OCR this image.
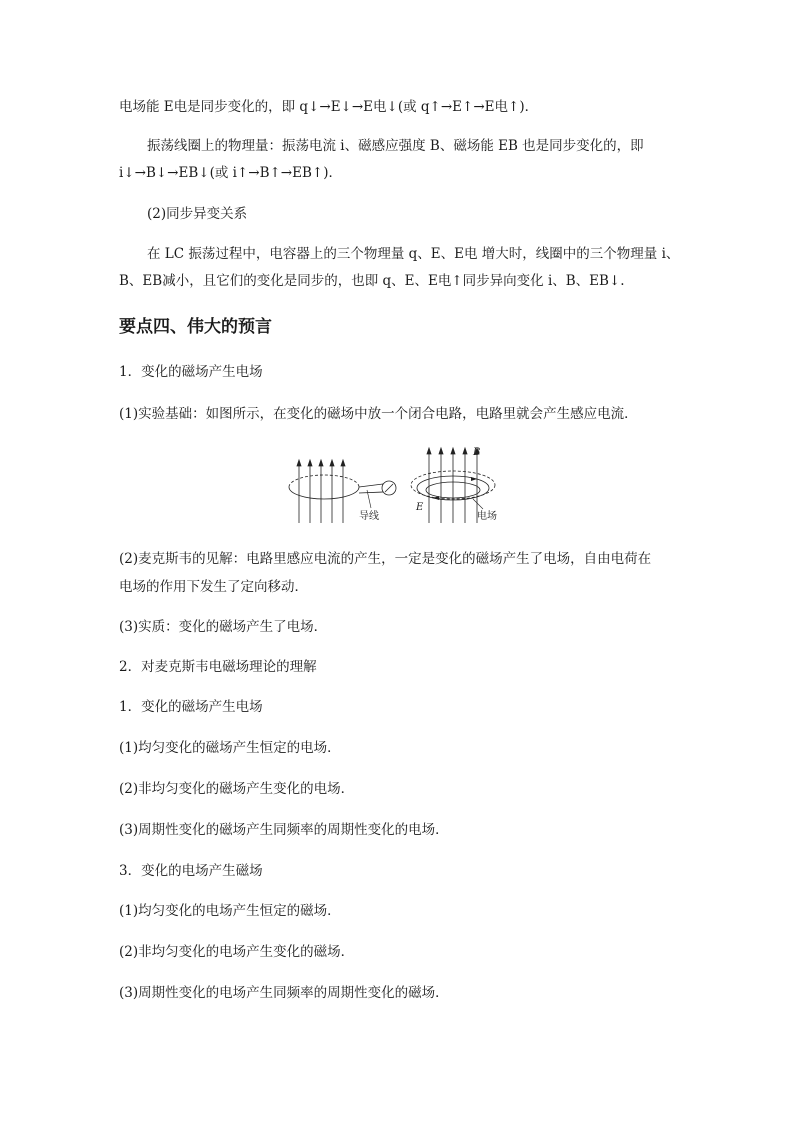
电场能 E电是同步变化的，即 q↓→E↓→E电↓(或 q↑→E↑→E电↑)．
振荡线圈上的物理量：振荡电流 i、磁感应强度 B、磁场能 EB 也是同步变化的，即
i↓→B↓→EB↓(或 i↑→B↑→EB↑)．
(2)同步异变关系
在 LC 振荡过程中，电容器上的三个物理量 q、E、E电 增大时，线圈中的三个物理量 i、
B、EB减小，且它们的变化是同步的，也即 q、E、E电↑同步异向变化 i、B、EB↓.
要点四、伟大的预言
1．变化的磁场产生电场
(1)实验基础：如图所示，在变化的磁场中放一个闭合电路，电路里就会产生感应电流．
导线
B
E
电场
(2)麦克斯韦的见解：电路里感应电流的产生，一定是变化的磁场产生了电场，自由电荷在
电场的作用下发生了定向移动．
(3)实质：变化的磁场产生了电场．
2．对麦克斯韦电磁场理论的理解
1．变化的磁场产生电场
(1)均匀变化的磁场产生恒定的电场．
(2)非均匀变化的磁场产生变化的电场．
(3)周期性变化的磁场产生同频率的周期性变化的电场．
3．变化的电场产生磁场
(1)均匀变化的电场产生恒定的磁场．
(2)非均匀变化的电场产生变化的磁场．
(3)周期性变化的电场产生同频率的周期性变化的磁场．
